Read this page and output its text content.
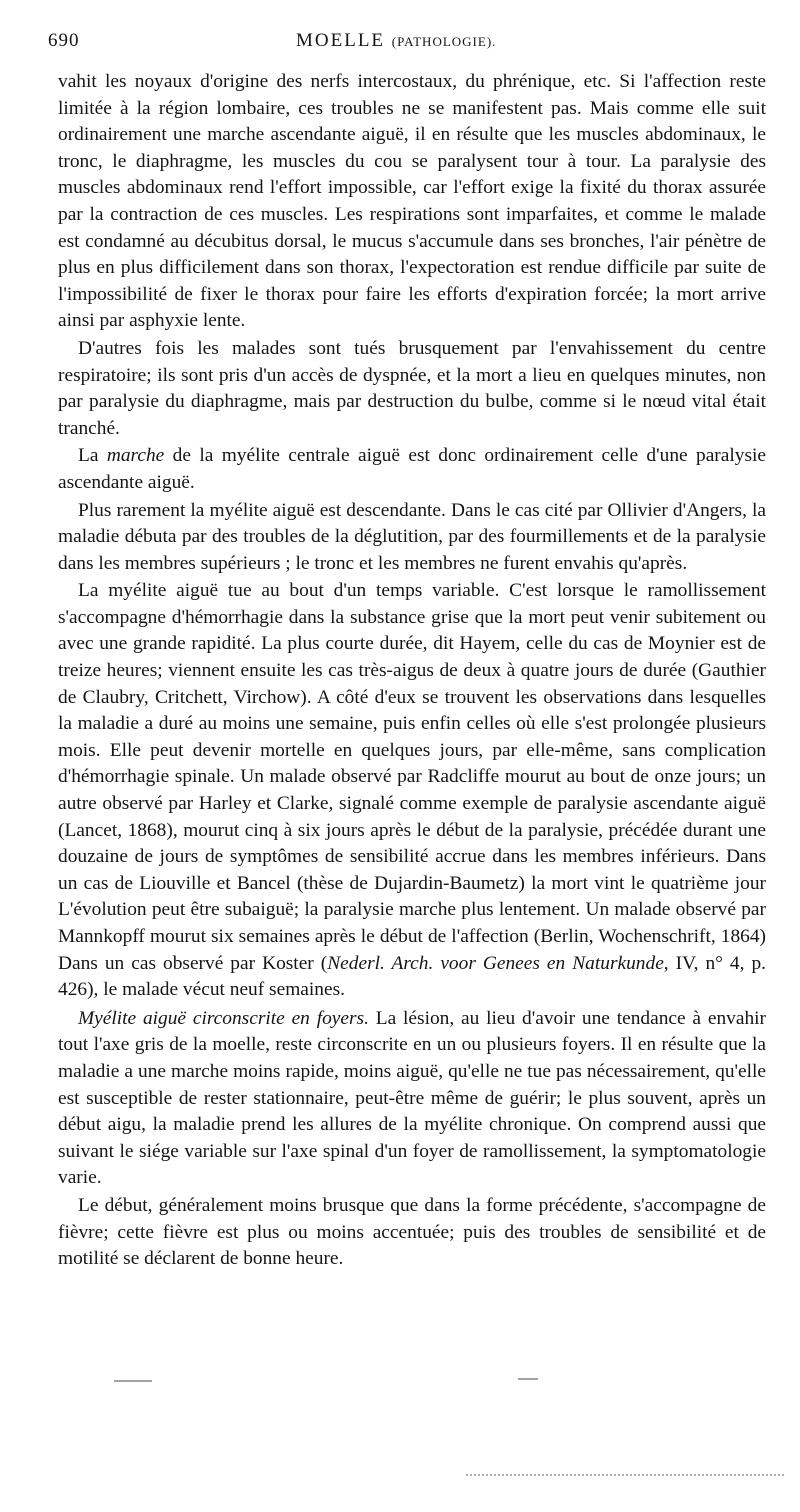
690	MOELLE (PATHOLOGIE).

vahit les noyaux d'origine des nerfs intercostaux, du phrénique, etc. Si l'affection reste limitée à la région lombaire, ces troubles ne se manifestent pas. Mais comme elle suit ordinairement une marche ascendante aiguë, il en résulte que les muscles abdominaux, le tronc, le diaphragme, les muscles du cou se paralysent tour à tour. La paralysie des muscles abdominaux rend l'effort impossible, car l'effort exige la fixité du thorax assurée par la contraction de ces muscles. Les respirations sont imparfaites, et comme le malade est condamné au décubitus dorsal, le mucus s'accumule dans ses bronches, l'air pénètre de plus en plus difficilement dans son thorax, l'expectoration est rendue difficile par suite de l'impossibilité de fixer le thorax pour faire les efforts d'expiration forcée; la mort arrive ainsi par asphyxie lente.

D'autres fois les malades sont tués brusquement par l'envahissement du centre respiratoire; ils sont pris d'un accès de dyspnée, et la mort a lieu en quelques minutes, non par paralysie du diaphragme, mais par destruction du bulbe, comme si le nœud vital était tranché.

La marche de la myélite centrale aiguë est donc ordinairement celle d'une paralysie ascendante aiguë.

Plus rarement la myélite aiguë est descendante. Dans le cas cité par Ollivier d'Angers, la maladie débuta par des troubles de la déglutition, par des fourmillements et de la paralysie dans les membres supérieurs ; le tronc et les membres ne furent envahis qu'après.

La myélite aiguë tue au bout d'un temps variable. C'est lorsque le ramollissement s'accompagne d'hémorrhagie dans la substance grise que la mort peut venir subitement ou avec une grande rapidité. La plus courte durée, dit Hayem, celle du cas de Moynier est de treize heures; viennent ensuite les cas très-aigus de deux à quatre jours de durée (Gauthier de Claubry, Critchett, Virchow). A côté d'eux se trouvent les observations dans lesquelles la maladie a duré au moins une semaine, puis enfin celles où elle s'est prolongée plusieurs mois. Elle peut devenir mortelle en quelques jours, par elle-même, sans complication d'hémorrhagie spinale. Un malade observé par Radcliffe mourut au bout de onze jours; un autre observé par Harley et Clarke, signalé comme exemple de paralysie ascendante aiguë (Lancet, 1868), mourut cinq à six jours après le début de la paralysie, précédée durant une douzaine de jours de symptômes de sensibilité accrue dans les membres inférieurs. Dans un cas de Liouville et Bancel (thèse de Dujardin-Baumetz) la mort vint le quatrième jour L'évolution peut être subaiguë; la paralysie marche plus lentement. Un malade observé par Mannkopff mourut six semaines après le début de l'affection (Berlin, Wochenschrift, 1864) Dans un cas observé par Koster (Nederl. Arch. voor Genees en Naturkunde, IV, n° 4, p. 426), le malade vécut neuf semaines.

Myélite aiguë circonscrite en foyers. La lésion, au lieu d'avoir une tendance à envahir tout l'axe gris de la moelle, reste circonscrite en un ou plusieurs foyers. Il en résulte que la maladie a une marche moins rapide, moins aiguë, qu'elle ne tue pas nécessairement, qu'elle est susceptible de rester stationnaire, peut-être même de guérir; le plus souvent, après un début aigu, la maladie prend les allures de la myélite chronique. On comprend aussi que suivant le siége variable sur l'axe spinal d'un foyer de ramollissement, la symptomatologie varie.

Le début, généralement moins brusque que dans la forme précédente, s'accompagne de fièvre; cette fièvre est plus ou moins accentuée; puis des troubles de sensibilité et de motilité se déclarent de bonne heure.
